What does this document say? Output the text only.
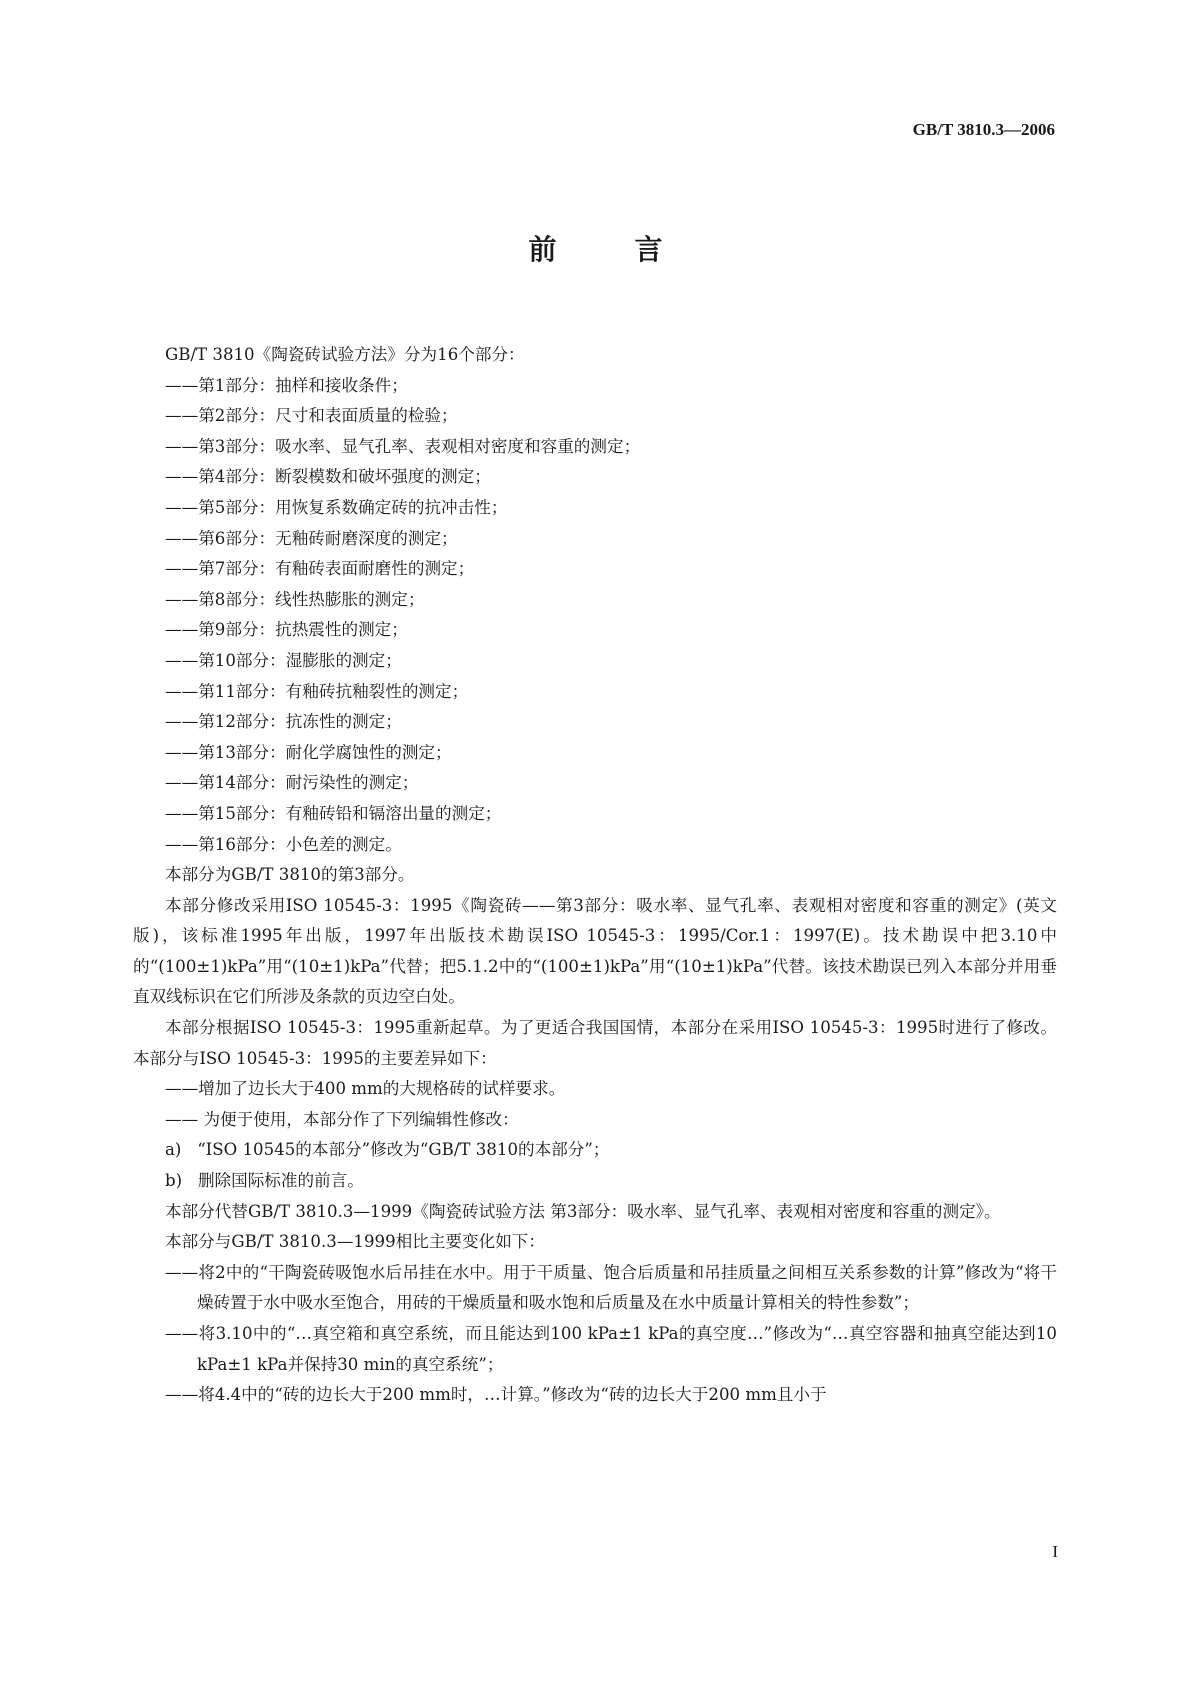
GB/T 3810.3—2006
前	言
GB/T 3810《陶瓷砖试验方法》分为16个部分：
——第1部分：抽样和接收条件；
——第2部分：尺寸和表面质量的检验；
——第3部分：吸水率、显气孔率、表观相对密度和容重的测定；
——第4部分：断裂模数和破坏强度的测定；
——第5部分：用恢复系数确定砖的抗冲击性；
——第6部分：无釉砖耐磨深度的测定；
——第7部分：有釉砖表面耐磨性的测定；
——第8部分：线性热膨胀的测定；
——第9部分：抗热震性的测定；
——第10部分：湿膨胀的测定；
——第11部分：有釉砖抗釉裂性的测定；
——第12部分：抗冻性的测定；
——第13部分：耐化学腐蚀性的测定；
——第14部分：耐污染性的测定；
——第15部分：有釉砖铅和镉溶出量的测定；
——第16部分：小色差的测定。
本部分为GB/T 3810的第3部分。
本部分修改采用ISO 10545-3：1995《陶瓷砖——第3部分：吸水率、显气孔率、表观相对密度和容重的测定》(英文版)，该标准1995年出版，1997年出版技术勘误ISO 10545-3：1995/Cor.1：1997(E)。技术勘误中把3.10中的“(100±1)kPa”用“(10±1)kPa”代替；把5.1.2中的“(100±1)kPa”用“(10±1)kPa”代替。该技术勘误已列入本部分并用垂直双线标识在它们所涉及条款的页边空白处。
本部分根据ISO 10545-3：1995重新起草。为了更适合我国国情，本部分在采用ISO 10545-3：1995时进行了修改。本部分与ISO 10545-3：1995的主要差异如下：
——增加了边长大于400 mm的大规格砖的试样要求。
—— 为便于使用，本部分作了下列编辑性修改：
a) “ISO 10545的本部分”修改为“GB/T 3810的本部分”；
b) 删除国际标准的前言。
本部分代替GB/T 3810.3—1999《陶瓷砖试验方法 第3部分：吸水率、显气孔率、表观相对密度和容重的测定》。
本部分与GB/T 3810.3—1999相比主要变化如下：
——将2中的“干陶瓷砖吸饱水后吊挂在水中。用于干质量、饱合后质量和吊挂质量之间相互关系参数的计算”修改为“将干燥砖置于水中吸水至饱合，用砖的干燥质量和吸水饱和后质量及在水中质量计算相关的特性参数”；
——将3.10中的“…真空箱和真空系统，而且能达到100 kPa±1 kPa的真空度…”修改为“…真空容器和抽真空能达到10 kPa±1 kPa并保持30 min的真空系统”；
——将4.4中的“砖的边长大于200 mm时，…计算。”修改为“砖的边长大于200 mm且小于
I
